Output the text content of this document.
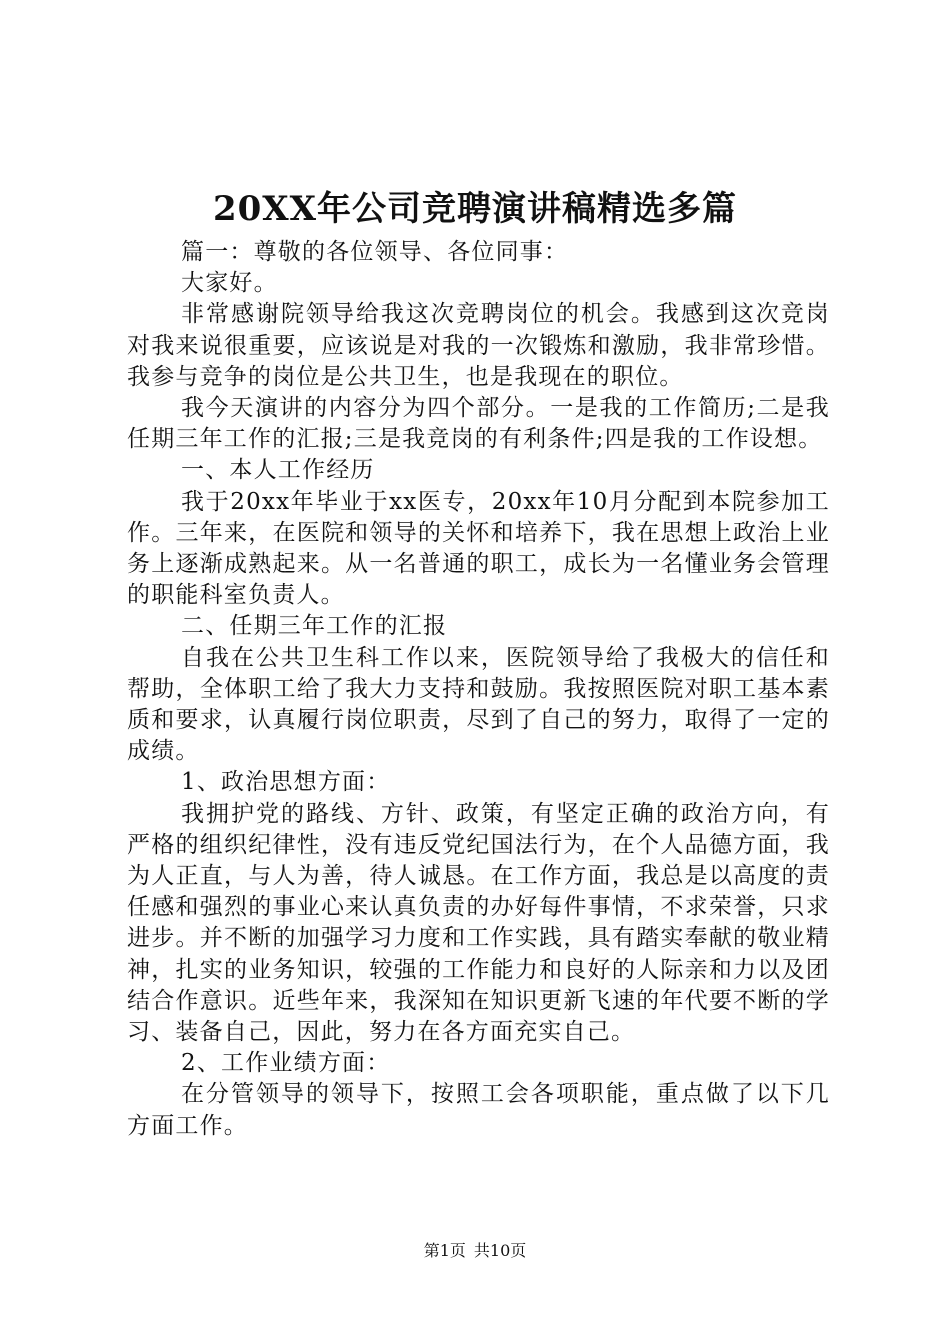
20XX年公司竞聘演讲稿精选多篇

篇一：尊敬的各位领导、各位同事：

大家好。

非常感谢院领导给我这次竞聘岗位的机会。我感到这次竞岗对我来说很重要，应该说是对我的一次锻炼和激励，我非常珍惜。我参与竞争的岗位是公共卫生，也是我现在的职位。

我今天演讲的内容分为四个部分。一是我的工作简历;二是我任期三年工作的汇报;三是我竞岗的有利条件;四是我的工作设想。

一、本人工作经历

我于20xx年毕业于xx医专，20xx年10月分配到本院参加工作。三年来，在医院和领导的关怀和培养下，我在思想上政治上业务上逐渐成熟起来。从一名普通的职工，成长为一名懂业务会管理的职能科室负责人。

二、任期三年工作的汇报

自我在公共卫生科工作以来，医院领导给了我极大的信任和帮助，全体职工给了我大力支持和鼓励。我按照医院对职工基本素质和要求，认真履行岗位职责，尽到了自己的努力，取得了一定的成绩。

1、政治思想方面：

我拥护党的路线、方针、政策，有坚定正确的政治方向，有严格的组织纪律性，没有违反党纪国法行为，在个人品德方面，我为人正直，与人为善，待人诚恳。在工作方面，我总是以高度的责任感和强烈的事业心来认真负责的办好每件事情，不求荣誉，只求进步。并不断的加强学习力度和工作实践，具有踏实奉献的敬业精神，扎实的业务知识，较强的工作能力和良好的人际亲和力以及团结合作意识。近些年来，我深知在知识更新飞速的年代要不断的学习、装备自己，因此，努力在各方面充实自己。

2、工作业绩方面：

在分管领导的领导下，按照工会各项职能，重点做了以下几方面工作。

第1页 共10页
